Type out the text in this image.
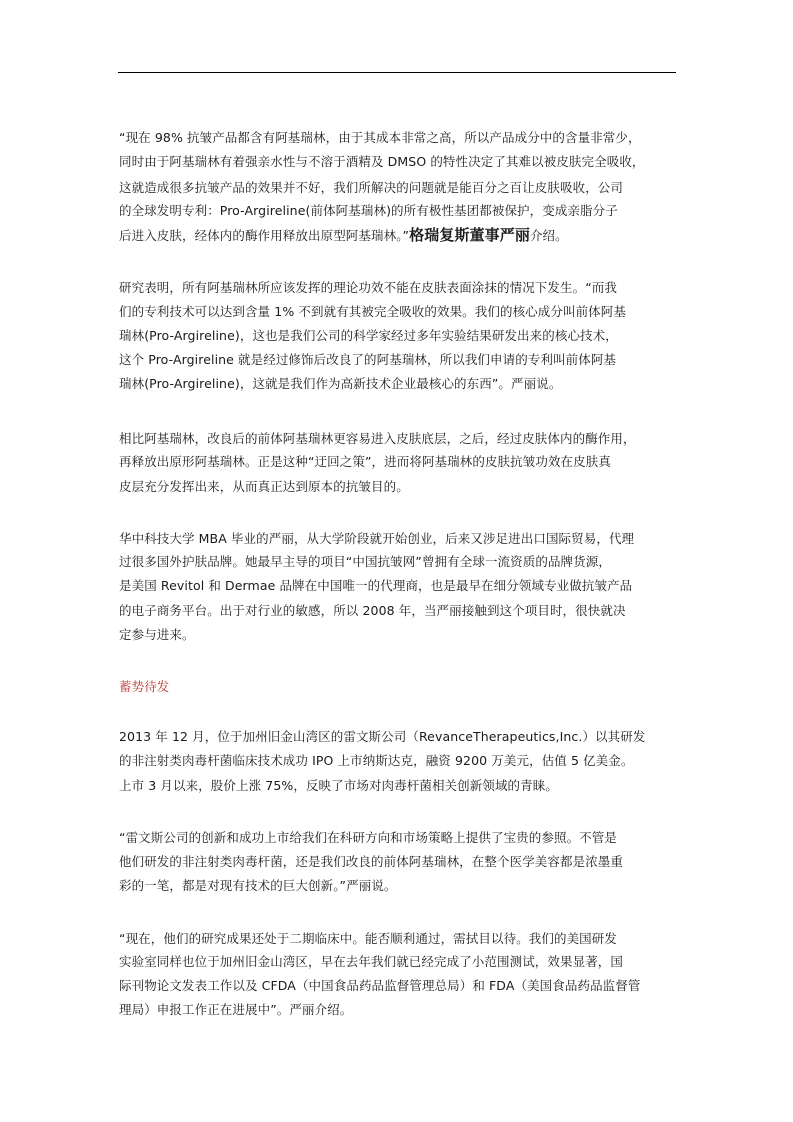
“现在 98% 抗皱产品都含有阿基瑞林，由于其成本非常之高，所以产品成分中的含量非常少，
同时由于阿基瑞林有着强亲水性与不溶于酒精及 DMSO 的特性决定了其难以被皮肤完全吸收，
这就造成很多抗皱产品的效果并不好，我们所解决的问题就是能百分之百让皮肤吸收，公司
的全球发明专利：Pro-Argireline(前体阿基瑞林)的所有极性基团都被保护，变成亲脂分子
后进入皮肤，经体内的酶作用释放出原型阿基瑞林。”格瑞复斯董事严丽介绍。
研究表明，所有阿基瑞林所应该发挥的理论功效不能在皮肤表面涂抹的情况下发生。“而我
们的专利技术可以达到含量 1% 不到就有其被完全吸收的效果。我们的核心成分叫前体阿基
瑞林(Pro-Argireline)，这也是我们公司的科学家经过多年实验结果研发出来的核心技术，
这个 Pro-Argireline 就是经过修饰后改良了的阿基瑞林，所以我们申请的专利叫前体阿基
瑞林(Pro-Argireline)，这就是我们作为高新技术企业最核心的东西”。严丽说。
相比阿基瑞林，改良后的前体阿基瑞林更容易进入皮肤底层，之后，经过皮肤体内的酶作用，
再释放出原形阿基瑞林。正是这种“迂回之策”，进而将阿基瑞林的皮肤抗皱功效在皮肤真
皮层充分发挥出来，从而真正达到原本的抗皱目的。
华中科技大学 MBA 毕业的严丽，从大学阶段就开始创业，后来又涉足进出口国际贸易，代理
过很多国外护肤品牌。她最早主导的项目“中国抗皱网”曾拥有全球一流资质的品牌货源，
是美国 Revitol 和 Dermae 品牌在中国唯一的代理商，也是最早在细分领域专业做抗皱产品
的电子商务平台。出于对行业的敏感，所以 2008 年，当严丽接触到这个项目时，很快就决
定参与进来。
蓄势待发
2013 年 12 月，位于加州旧金山湾区的雷文斯公司（RevanceTherapeutics,Inc.）以其研发
的非注射类肉毒杆菌临床技术成功 IPO 上市纳斯达克，融资 9200 万美元，估值 5 亿美金。
上市 3 月以来，股价上涨 75%，反映了市场对肉毒杆菌相关创新领域的青睐。
“雷文斯公司的创新和成功上市给我们在科研方向和市场策略上提供了宝贵的参照。不管是
他们研发的非注射类肉毒杆菌，还是我们改良的前体阿基瑞林，在整个医学美容都是浓墨重
彩的一笔，都是对现有技术的巨大创新。”严丽说。
“现在，他们的研究成果还处于二期临床中。能否顺利通过，需拭目以待。我们的美国研发
实验室同样也位于加州旧金山湾区，早在去年我们就已经完成了小范围测试，效果显著，国
际刊物论文发表工作以及 CFDA（中国食品药品监督管理总局）和 FDA（美国食品药品监督管
理局）申报工作正在进展中”。严丽介绍。
